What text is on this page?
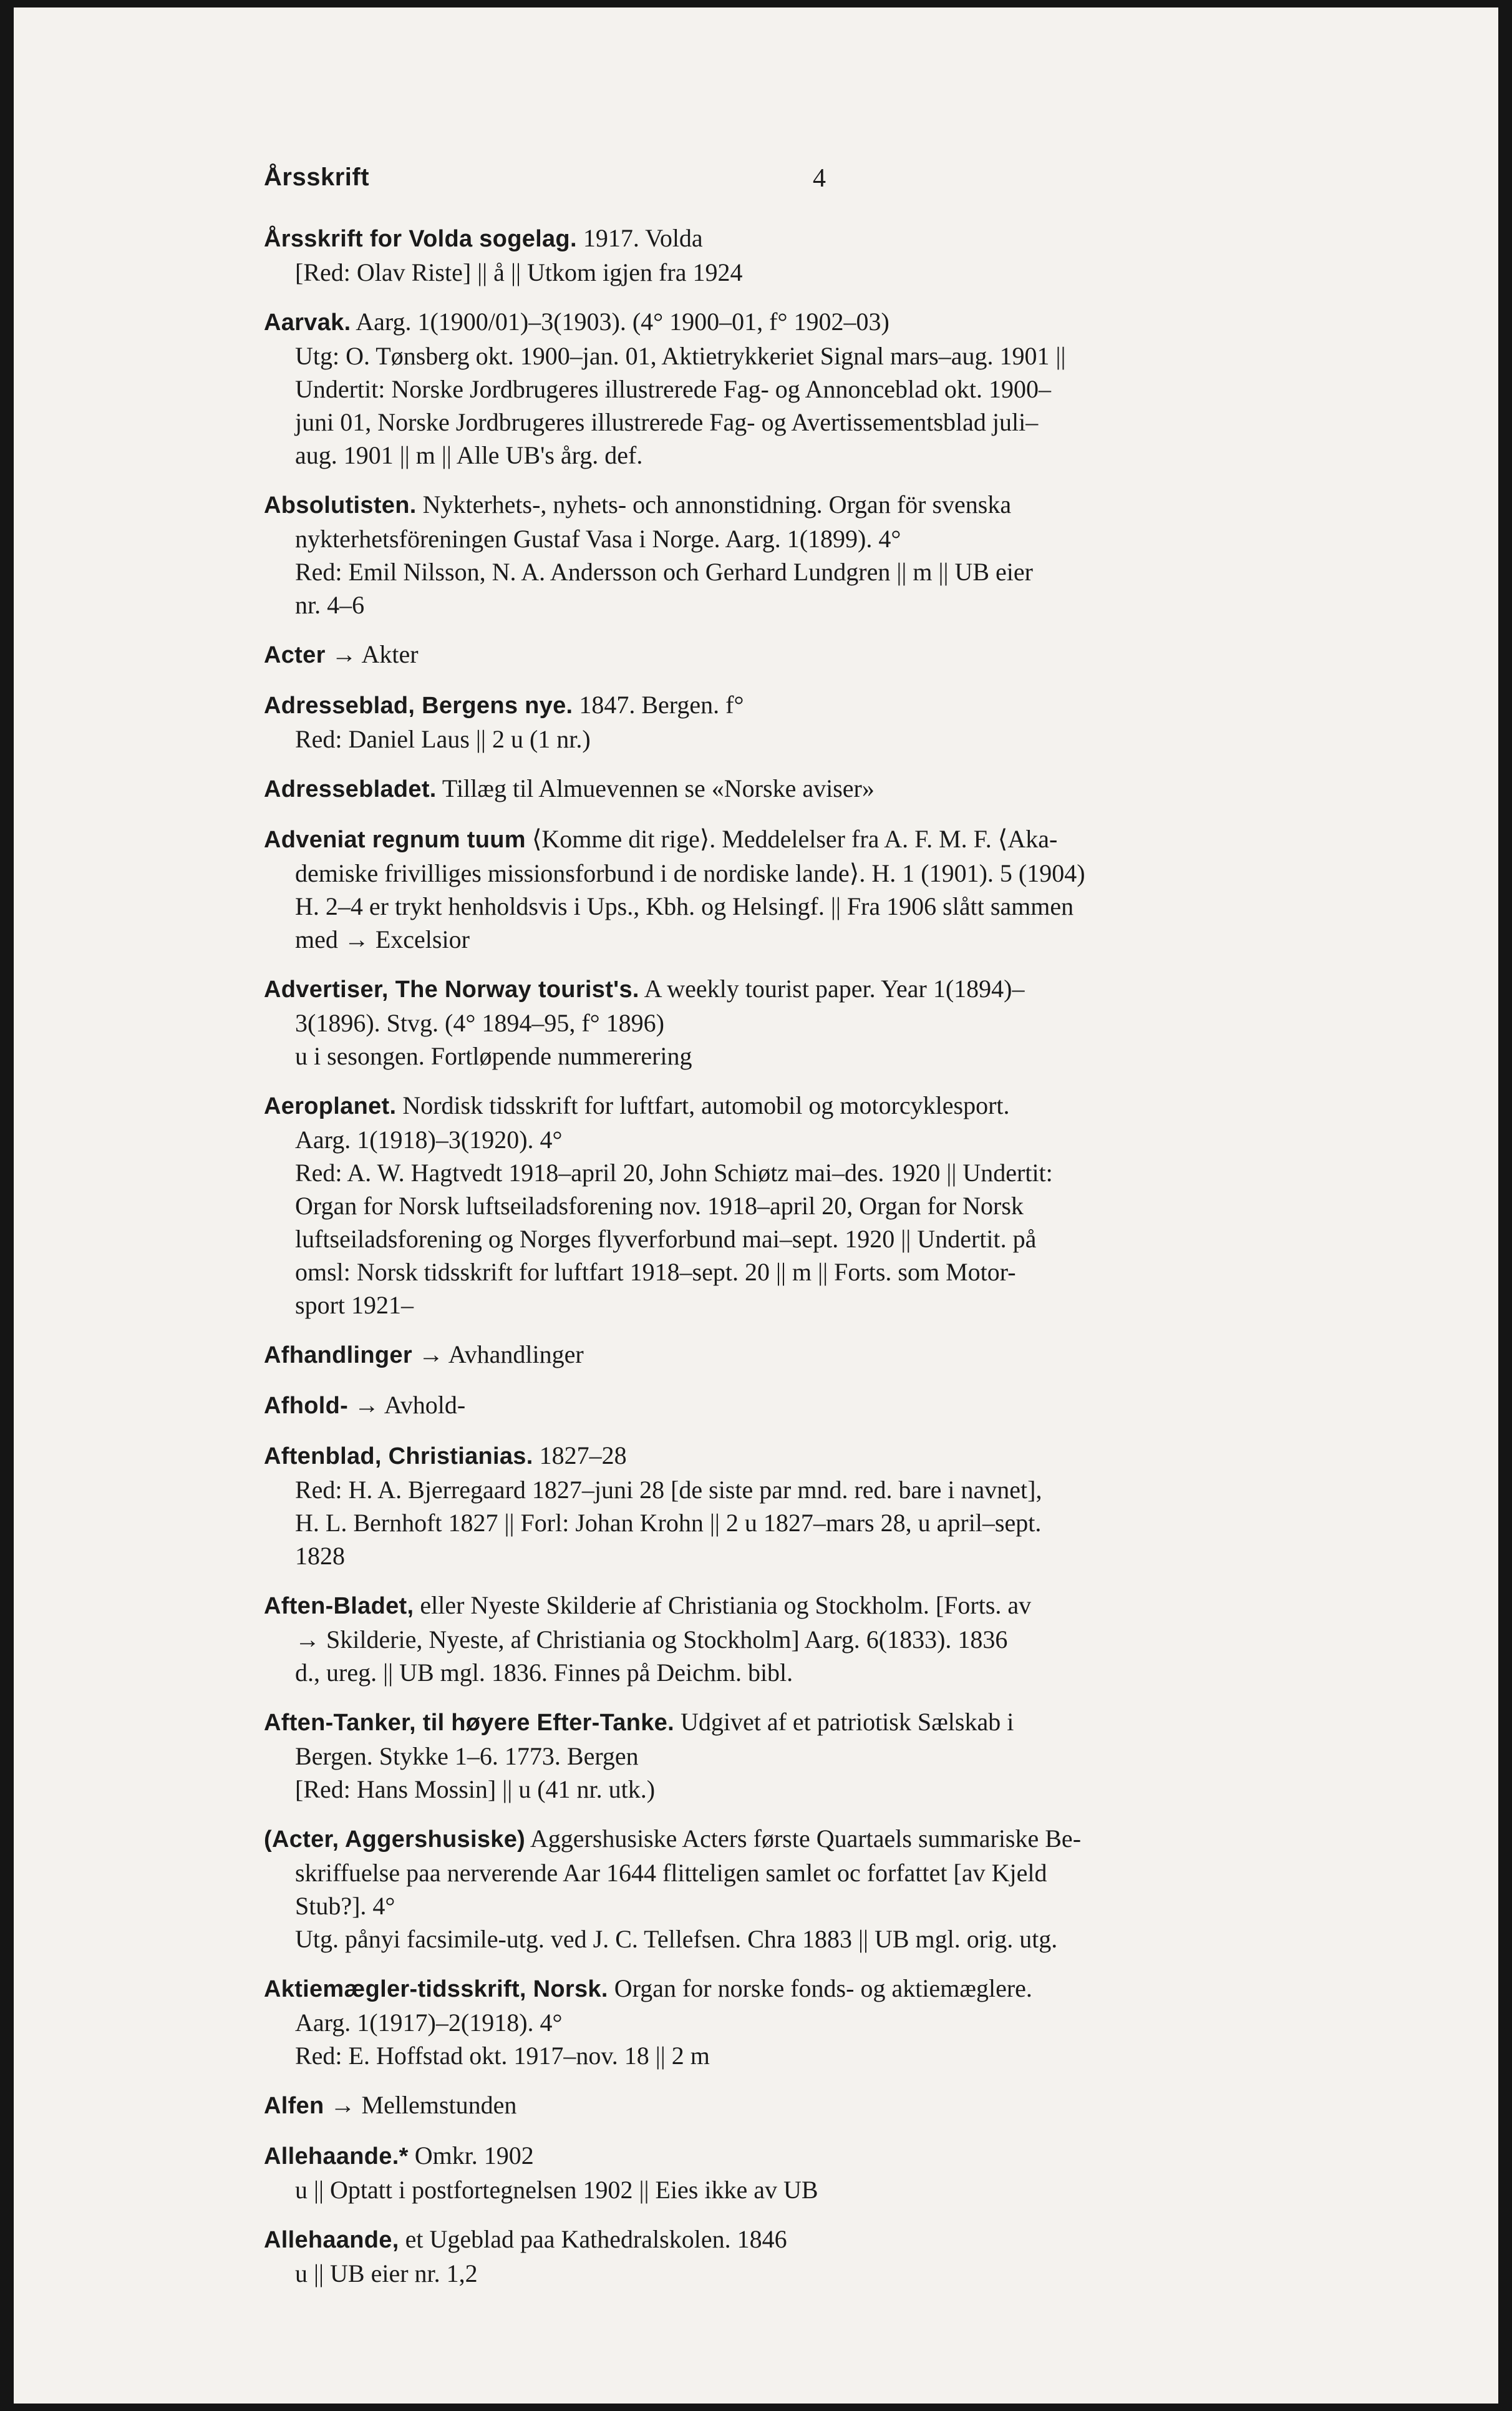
Årsskrift	4
Årsskrift for Volda sogelag. 1917. Volda
[Red: Olav Riste] || å || Utkom igjen fra 1924
Aarvak. Aarg. 1(1900/01)–3(1903). (4° 1900–01, f° 1902–03)
Utg: O. Tønsberg okt. 1900–jan. 01, Aktietrykkeriet Signal mars–aug. 1901 ||
Undertit: Norske Jordbrugeres illustrerede Fag- og Annonceblad okt. 1900–
juni 01, Norske Jordbrugeres illustrerede Fag- og Avertissementsblad juli–
aug. 1901 || m || Alle UB's årg. def.
Absolutisten. Nykterhets-, nyhets- och annonstidning. Organ för svenska
nykterhetsföreningen Gustaf Vasa i Norge. Aarg. 1(1899). 4°
Red: Emil Nilsson, N. A. Andersson och Gerhard Lundgren || m || UB eier
nr. 4–6
Acter → Akter
Adresseblad, Bergens nye. 1847. Bergen. f°
Red: Daniel Laus || 2 u (1 nr.)
Adressebladet. Tillæg til Almuevennen se «Norske aviser»
Adveniat regnum tuum ⟨Komme dit rige⟩. Meddelelser fra A. F. M. F. ⟨Aka-
demiske frivilliges missionsforbund i de nordiske lande⟩. H. 1 (1901). 5 (1904)
H. 2–4 er trykt henholdsvis i Ups., Kbh. og Helsingf. || Fra 1906 slått sammen
med → Excelsior
Advertiser, The Norway tourist's. A weekly tourist paper. Year 1(1894)–
3(1896). Stvg. (4° 1894–95, f° 1896)
u i sesongen. Fortløpende nummerering
Aeroplanet. Nordisk tidsskrift for luftfart, automobil og motorcyklesport.
Aarg. 1(1918)–3(1920). 4°
Red: A. W. Hagtvedt 1918–april 20, John Schiøtz mai–des. 1920 || Undertit:
Organ for Norsk luftseiladsforening nov. 1918–april 20, Organ for Norsk
luftseiladsforening og Norges flyverforbund mai–sept. 1920 || Undertit. på
omsl: Norsk tidsskrift for luftfart 1918–sept. 20 || m || Forts. som Motor-
sport 1921–
Afhandlinger → Avhandlinger
Afhold- → Avhold-
Aftenblad, Christianias. 1827–28
Red: H. A. Bjerregaard 1827–juni 28 [de siste par mnd. red. bare i navnet],
H. L. Bernhoft 1827 || Forl: Johan Krohn || 2 u 1827–mars 28, u april–sept.
1828
Aften-Bladet, eller Nyeste Skilderie af Christiania og Stockholm. [Forts. av
→ Skilderie, Nyeste, af Christiania og Stockholm] Aarg. 6(1833). 1836
d., ureg. || UB mgl. 1836. Finnes på Deichm. bibl.
Aften-Tanker, til høyere Efter-Tanke. Udgivet af et patriotisk Sælskab i
Bergen. Stykke 1–6. 1773. Bergen
[Red: Hans Mossin] || u (41 nr. utk.)
(Acter, Aggershusiske) Aggershusiske Acters første Quartaels summariske Be-
skriffuelse paa nerverende Aar 1644 flitteligen samlet oc forfattet [av Kjeld
Stub?]. 4°
Utg. pånyi facsimile-utg. ved J. C. Tellefsen. Chra 1883 || UB mgl. orig. utg.
Aktiemægler-tidsskrift, Norsk. Organ for norske fonds- og aktiemæglere.
Aarg. 1(1917)–2(1918). 4°
Red: E. Hoffstad okt. 1917–nov. 18 || 2 m
Alfen → Mellemstunden
Allehaande.* Omkr. 1902
u || Optatt i postfortegnelsen 1902 || Eies ikke av UB
Allehaande, et Ugeblad paa Kathedralskolen. 1846
u || UB eier nr. 1,2
